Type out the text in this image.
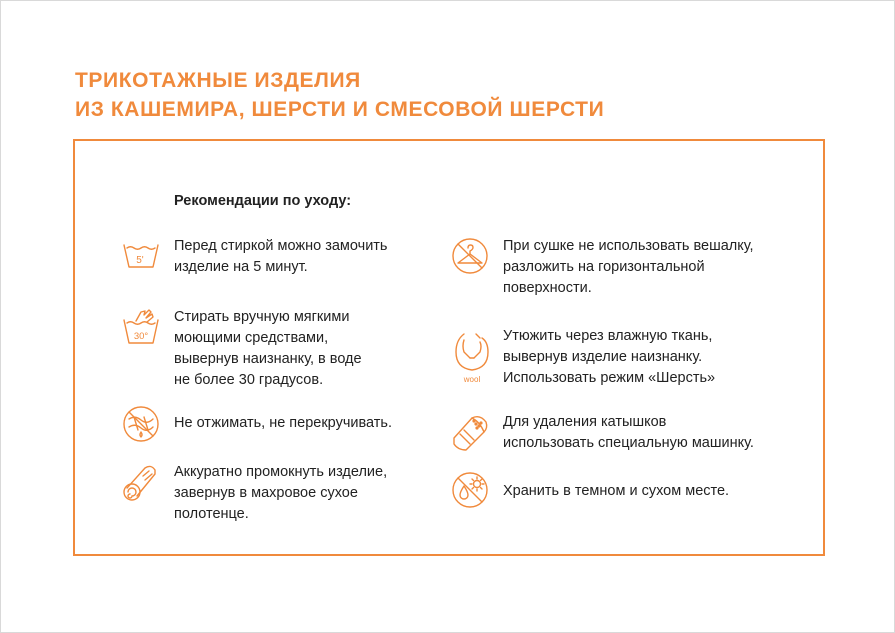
ТРИКОТАЖНЫЕ ИЗДЕЛИЯ
ИЗ КАШЕМИРА, ШЕРСТИ И СМЕСОВОЙ ШЕРСТИ
Рекомендации по уходу:
5'
Перед стиркой можно замочить
изделие на 5 минут.
30°
Стирать вручную мягкими
моющими средствами,
вывернув наизнанку, в воде
не более 30 градусов.
Не отжимать, не перекручивать.
Аккуратно промокнуть изделие,
завернув в махровое сухое
полотенце.
При сушке не использовать вешалку,
разложить на горизонтальной
поверхности.
wool
Утюжить через влажную ткань,
вывернув изделие наизнанку.
Использовать режим «Шерсть»
Для удаления катышков
использовать специальную машинку.
Хранить в темном и сухом месте.
